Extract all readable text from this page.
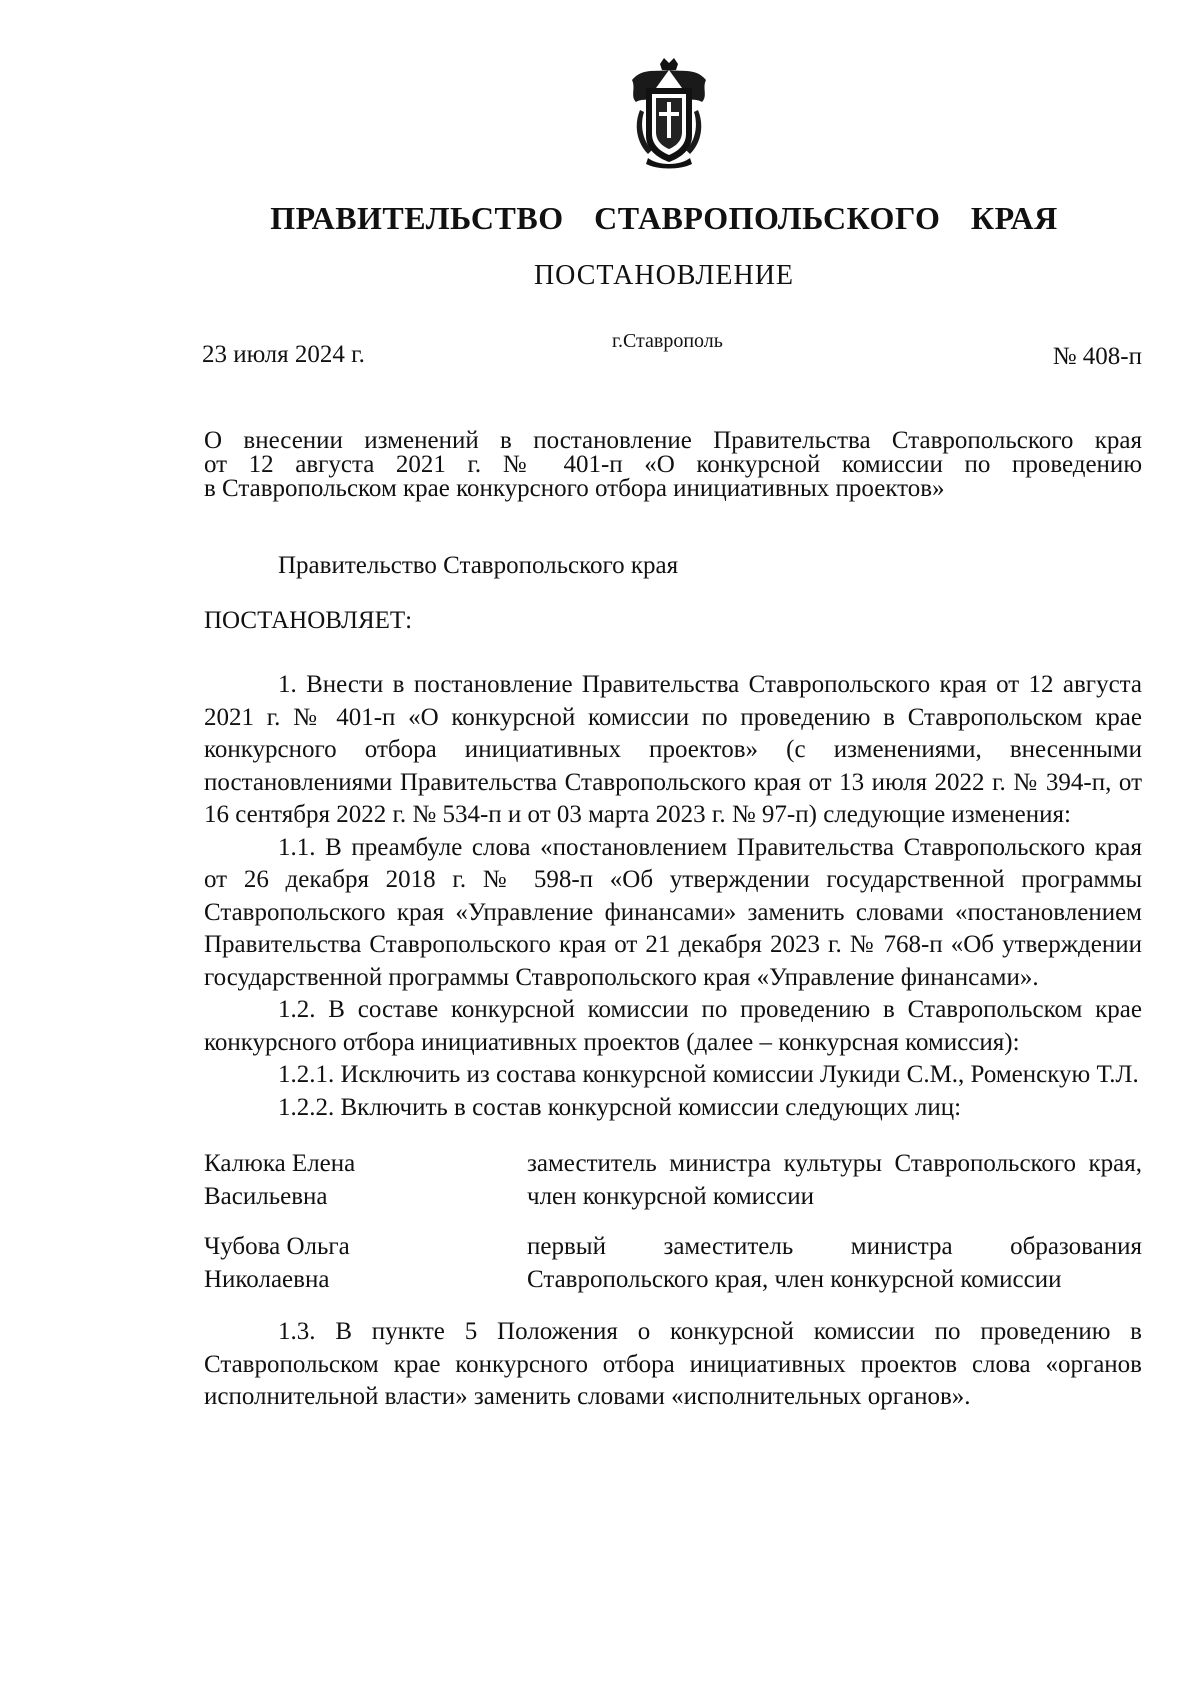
ПРАВИТЕЛЬСТВО СТАВРОПОЛЬСКОГО КРАЯ
ПОСТАНОВЛЕНИЕ
23 июля 2024 г.	г.Ставрополь
№ 408-п
О внесении изменений в постановление Правительства Ставропольского края
от 12 августа 2021 г. № 401-п «О конкурсной комиссии по проведению
в Ставропольском крае конкурсного отбора инициативных проектов»

Правительство Ставропольского края

ПОСТАНОВЛЯЕТ:

1. Внести в постановление Правительства Ставропольского края от 12 августа 2021 г. № 401-п «О конкурсной комиссии по проведению в Ставропольском крае конкурсного отбора инициативных проектов» (с изменениями, внесенными постановлениями Правительства Ставропольского края от 13 июля 2022 г. № 394-п, от 16 сентября 2022 г. № 534-п и от 03 марта 2023 г. № 97-п) следующие изменения:

1.1. В преамбуле слова «постановлением Правительства Ставропольского края от 26 декабря 2018 г. № 598-п «Об утверждении государственной программы Ставропольского края «Управление финансами» заменить словами «постановлением Правительства Ставропольского края от 21 декабря 2023 г. № 768-п «Об утверждении государственной программы Ставропольского края «Управление финансами».

1.2. В составе конкурсной комиссии по проведению в Ставропольском крае конкурсного отбора инициативных проектов (далее – конкурсная комиссия):

1.2.1. Исключить из состава конкурсной комиссии Лукиди С.М., Роменскую Т.Л.

1.2.2. Включить в состав конкурсной комиссии следующих лиц:

Калюка Елена
Васильевна
заместитель министра культуры Ставропольского края, член конкурсной комиссии
Чубова Ольга
Николаевна
первый заместитель министра образования Ставропольского края, член конкурсной комиссии

1.3. В пункте 5 Положения о конкурсной комиссии по проведению в Ставропольском крае конкурсного отбора инициативных проектов слова «органов исполнительной власти» заменить словами «исполнительных органов».
